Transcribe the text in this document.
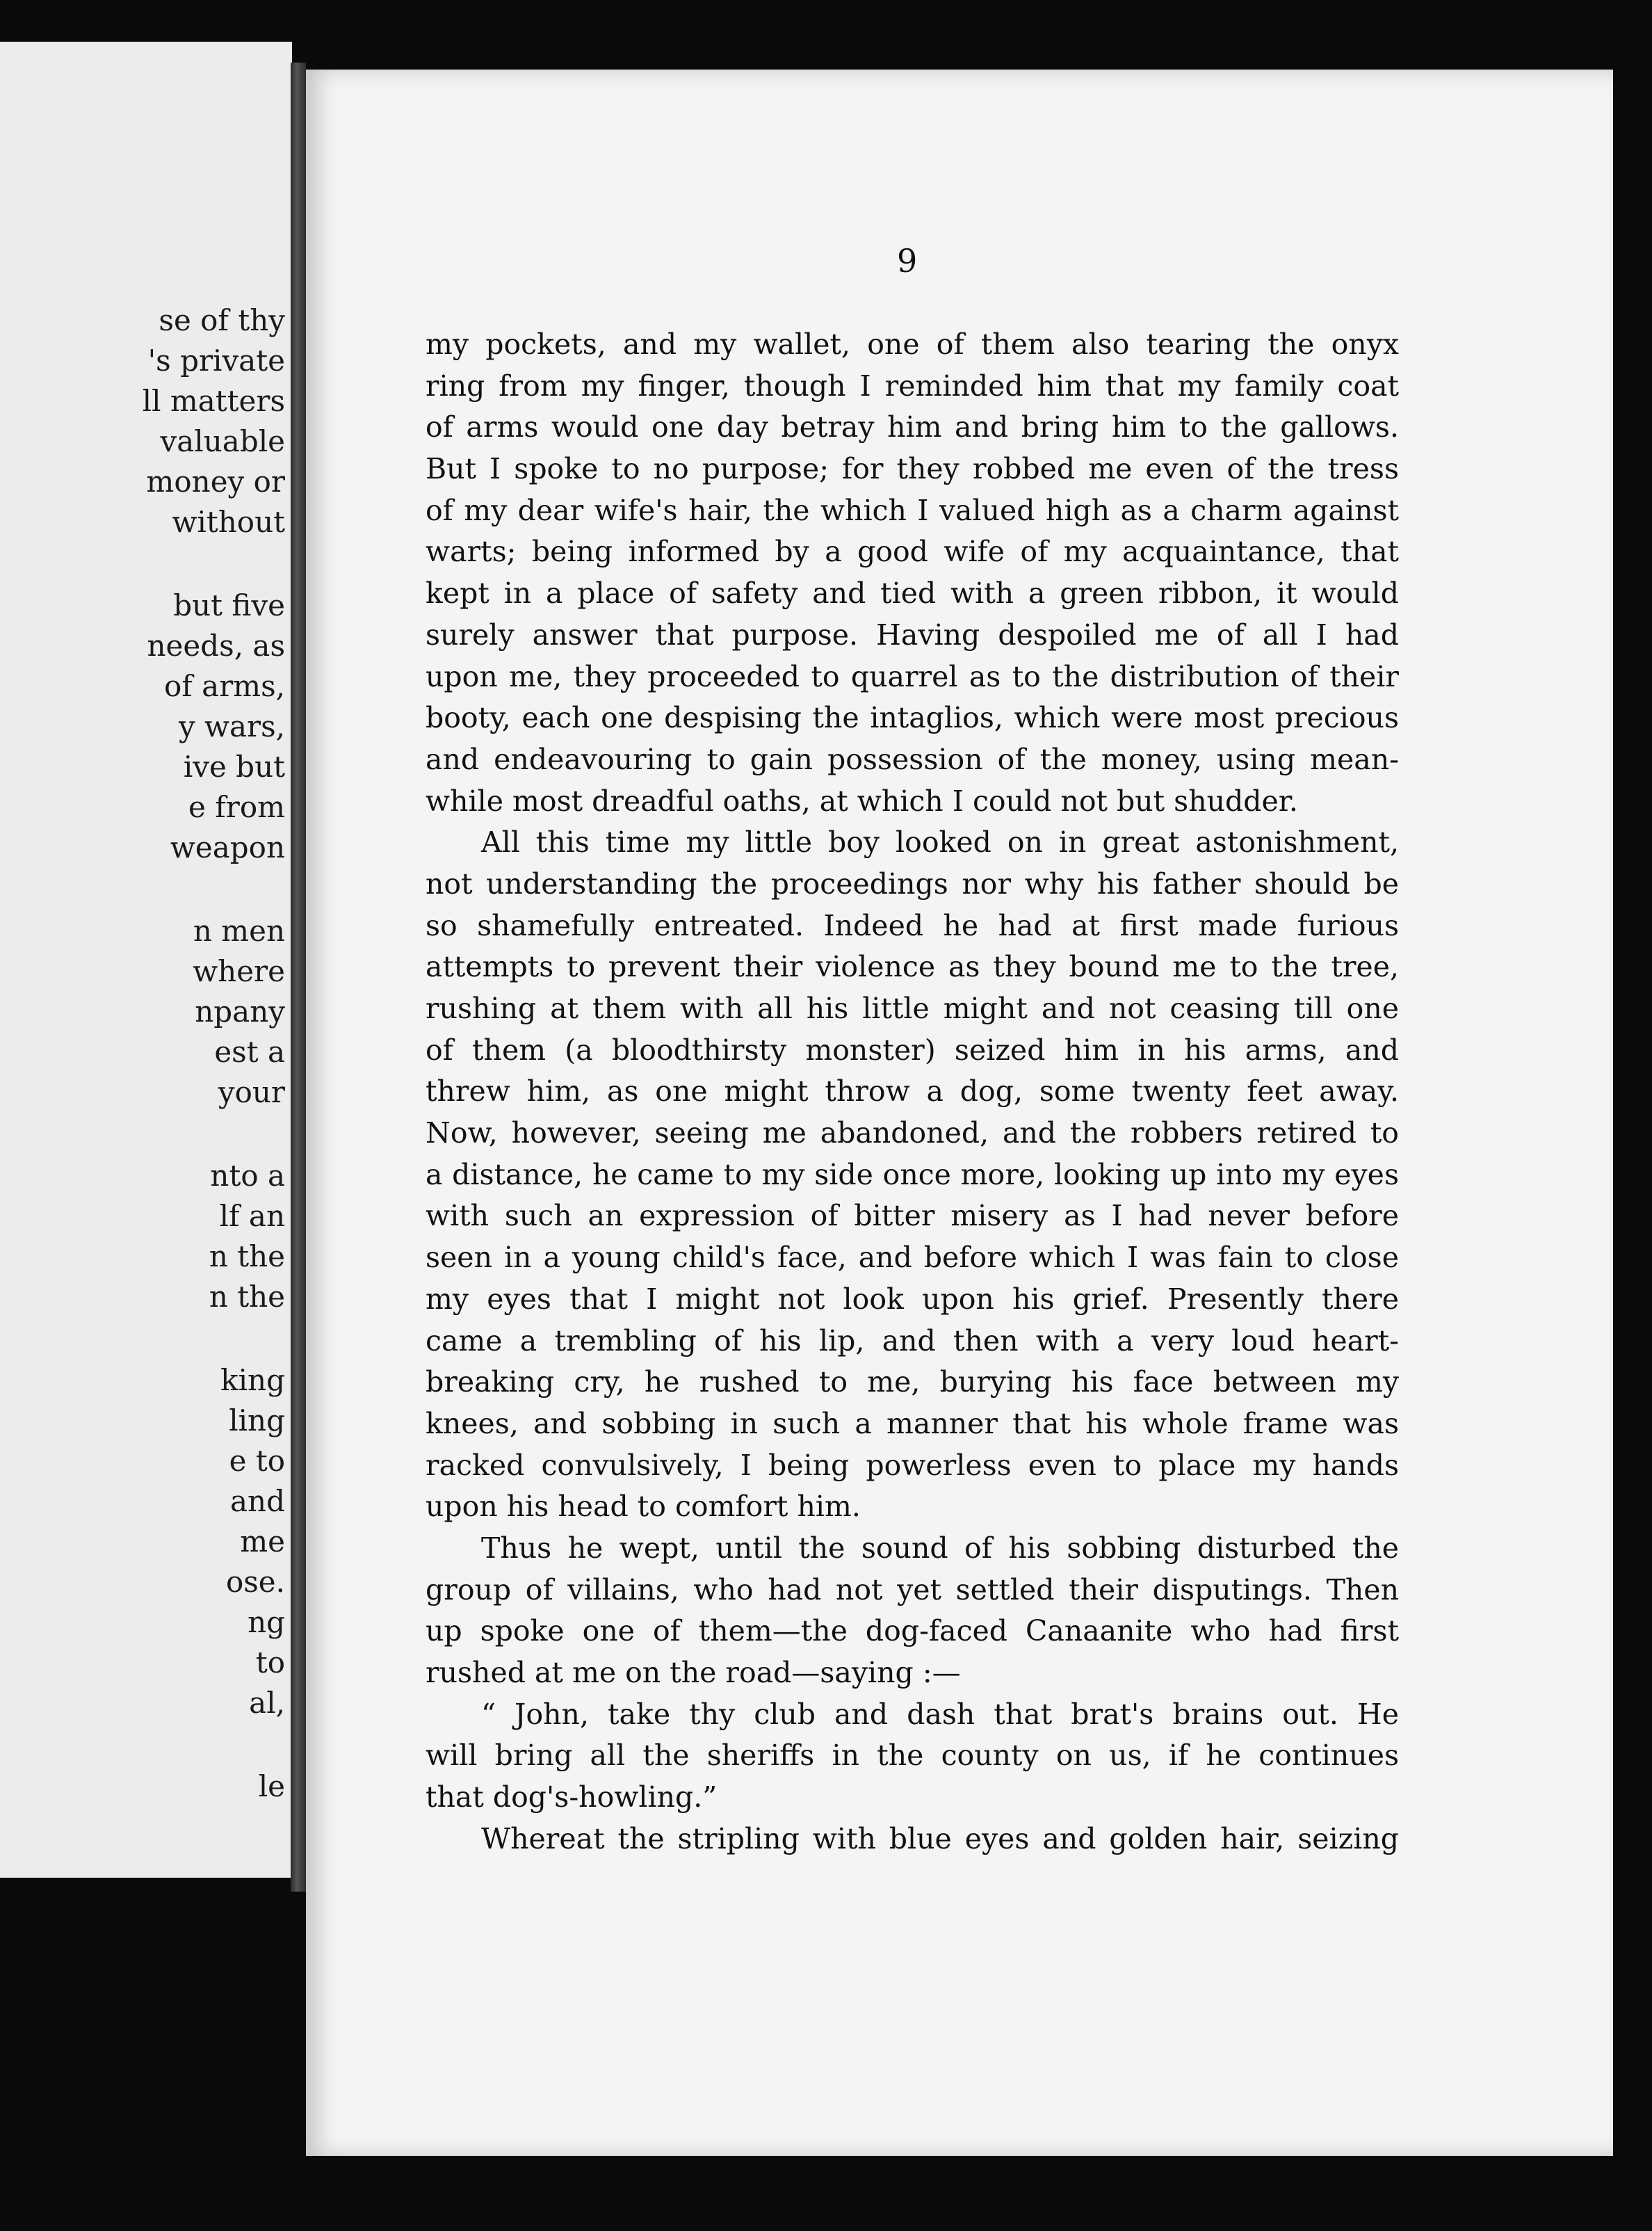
se of thy
's private
ll matters
valuable
money or
without
but five
needs, as
of arms,
y wars,
ive but
e from
weapon
n men
where
npany
est a
your
nto a
lf an
n the
n the
king
ling
e to
and
me
ose.
ng
to
al,
le
9
my pockets, and my wallet, one of them also tearing the onyx
ring from my finger, though I reminded him that my family coat
of arms would one day betray him and bring him to the gallows.
But I spoke to no purpose; for they robbed me even of the tress
of my dear wife's hair, the which I valued high as a charm against
warts; being informed by a good wife of my acquaintance, that
kept in a place of safety and tied with a green ribbon, it would
surely answer that purpose. Having despoiled me of all I had
upon me, they proceeded to quarrel as to the distribution of their
booty, each one despising the intaglios, which were most precious
and endeavouring to gain possession of the money, using mean-
while most dreadful oaths, at which I could not but shudder.
All this time my little boy looked on in great astonishment,
not understanding the proceedings nor why his father should be
so shamefully entreated. Indeed he had at first made furious
attempts to prevent their violence as they bound me to the tree,
rushing at them with all his little might and not ceasing till one
of them (a bloodthirsty monster) seized him in his arms, and
threw him, as one might throw a dog, some twenty feet away.
Now, however, seeing me abandoned, and the robbers retired to
a distance, he came to my side once more, looking up into my eyes
with such an expression of bitter misery as I had never before
seen in a young child's face, and before which I was fain to close
my eyes that I might not look upon his grief. Presently there
came a trembling of his lip, and then with a very loud heart-
breaking cry, he rushed to me, burying his face between my
knees, and sobbing in such a manner that his whole frame was
racked convulsively, I being powerless even to place my hands
upon his head to comfort him.
Thus he wept, until the sound of his sobbing disturbed the
group of villains, who had not yet settled their disputings. Then
up spoke one of them—the dog-faced Canaanite who had first
rushed at me on the road—saying :—
“ John, take thy club and dash that brat's brains out. He
will bring all the sheriffs in the county on us, if he continues
that dog's-howling.”
Whereat the stripling with blue eyes and golden hair, seizing
